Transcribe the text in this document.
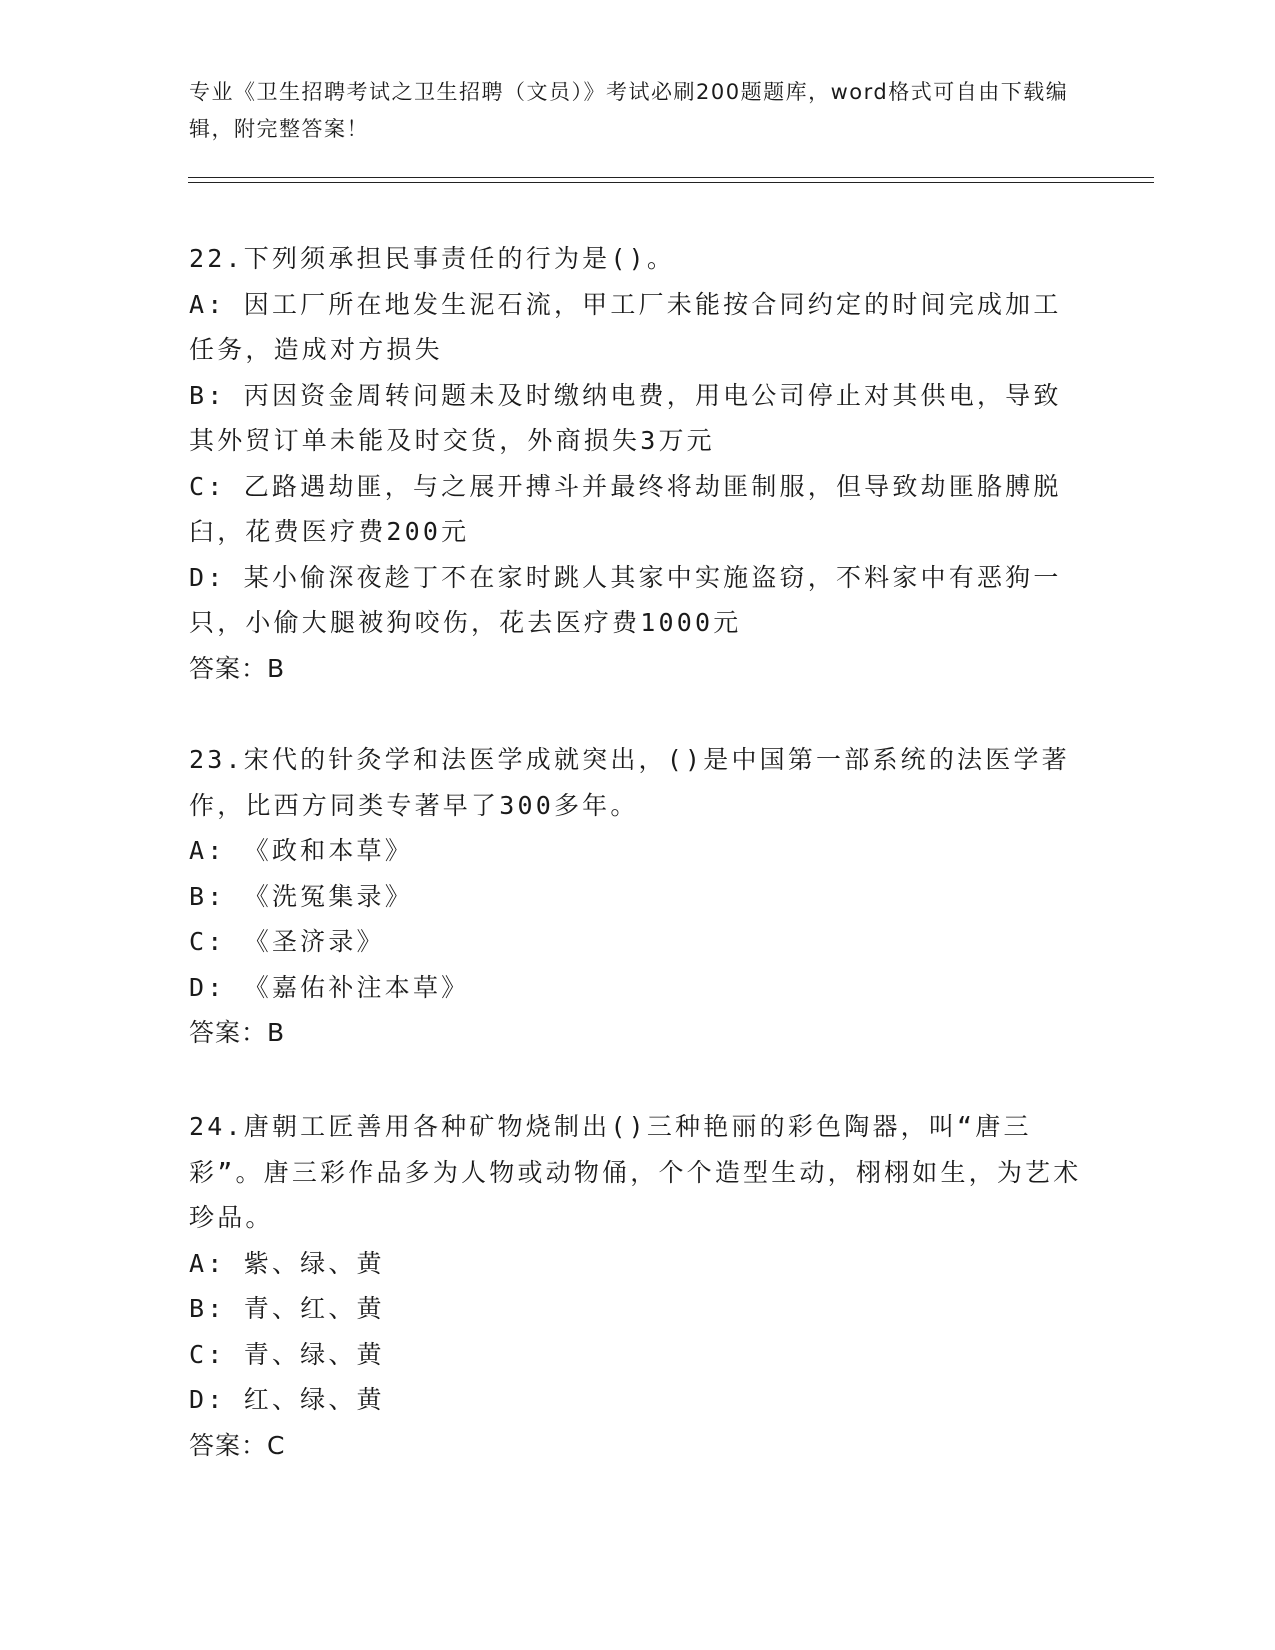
专业《卫生招聘考试之卫生招聘（文员）》考试必刷200题题库，word格式可自由下载编辑，附完整答案！

22.下列须承担民事责任的行为是()。

A: 因工厂所在地发生泥石流，甲工厂未能按合同约定的时间完成加工任务，造成对方损失

B: 丙因资金周转问题未及时缴纳电费，用电公司停止对其供电，导致其外贸订单未能及时交货，外商损失3万元

C: 乙路遇劫匪，与之展开搏斗并最终将劫匪制服，但导致劫匪胳膊脱臼，花费医疗费200元

D: 某小偷深夜趁丁不在家时跳人其家中实施盗窃，不料家中有恶狗一只，小偷大腿被狗咬伤，花去医疗费1000元

答案：B

23.宋代的针灸学和法医学成就突出，()是中国第一部系统的法医学著作，比西方同类专著早了300多年。

A: 《政和本草》

B: 《洗冤集录》

C: 《圣济录》

D: 《嘉佑补注本草》

答案：B

24.唐朝工匠善用各种矿物烧制出()三种艳丽的彩色陶器，叫“唐三彩”。唐三彩作品多为人物或动物俑，个个造型生动，栩栩如生，为艺术珍品。

A: 紫、绿、黄

B: 青、红、黄

C: 青、绿、黄

D: 红、绿、黄

答案：C
